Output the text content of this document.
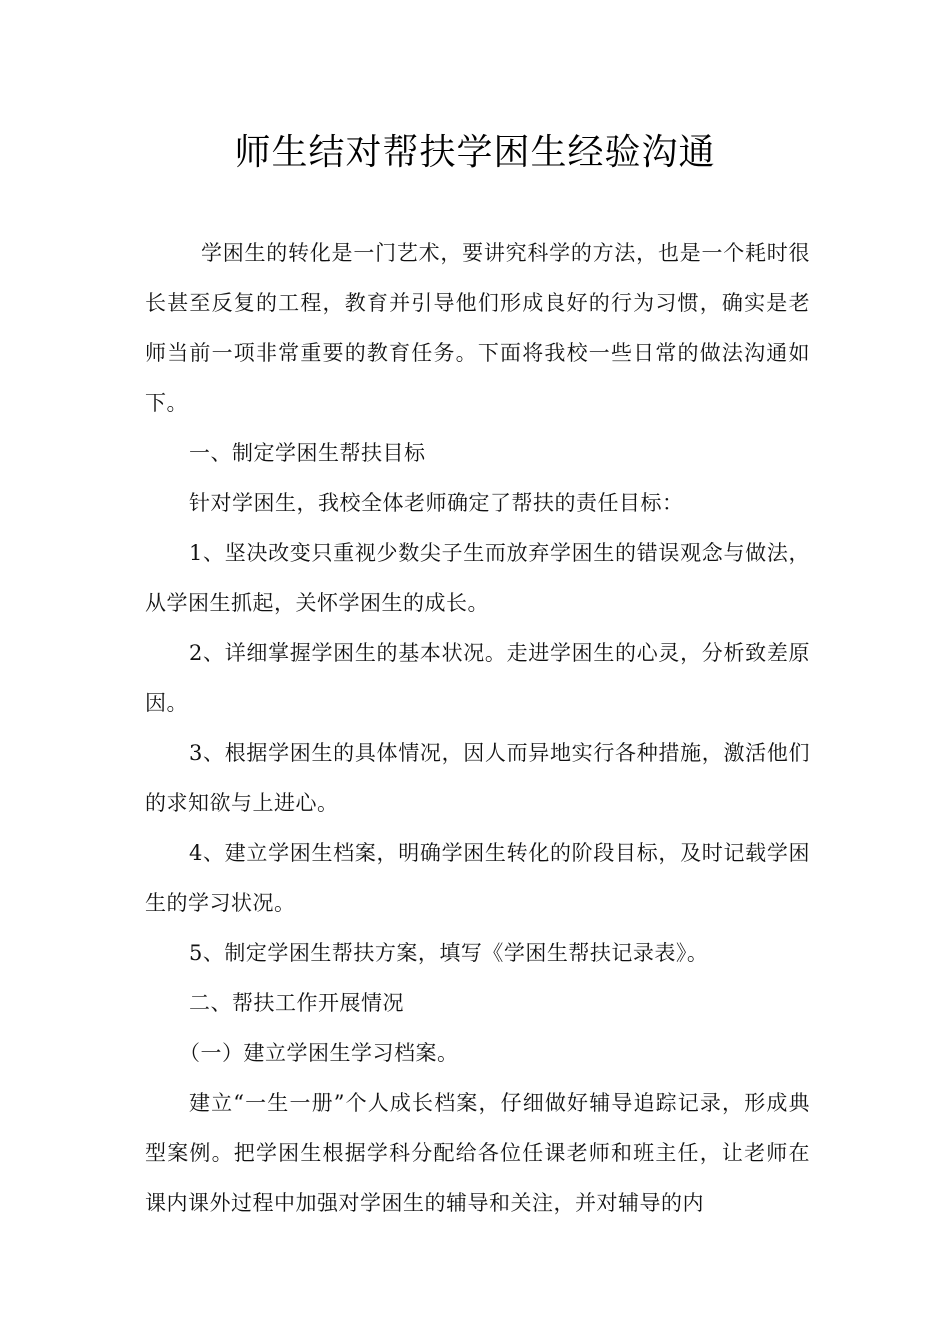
师生结对帮扶学困生经验沟通

学困生的转化是一门艺术，要讲究科学的方法，也是一个耗时很长甚至反复的工程，教育并引导他们形成良好的行为习惯，确实是老师当前一项非常重要的教育任务。下面将我校一些日常的做法沟通如下。

一、制定学困生帮扶目标

针对学困生，我校全体老师确定了帮扶的责任目标：

1、坚决改变只重视少数尖子生而放弃学困生的错误观念与做法，从学困生抓起，关怀学困生的成长。

2、详细掌握学困生的基本状况。走进学困生的心灵，分析致差原因。

3、根据学困生的具体情况，因人而异地实行各种措施，激活他们的求知欲与上进心。

4、建立学困生档案，明确学困生转化的阶段目标，及时记载学困生的学习状况。

5、制定学困生帮扶方案，填写《学困生帮扶记录表》。

二、帮扶工作开展情况

（一）建立学困生学习档案。

建立“一生一册”个人成长档案，仔细做好辅导追踪记录，形成典型案例。把学困生根据学科分配给各位任课老师和班主任，让老师在课内课外过程中加强对学困生的辅导和关注，并对辅导的内
